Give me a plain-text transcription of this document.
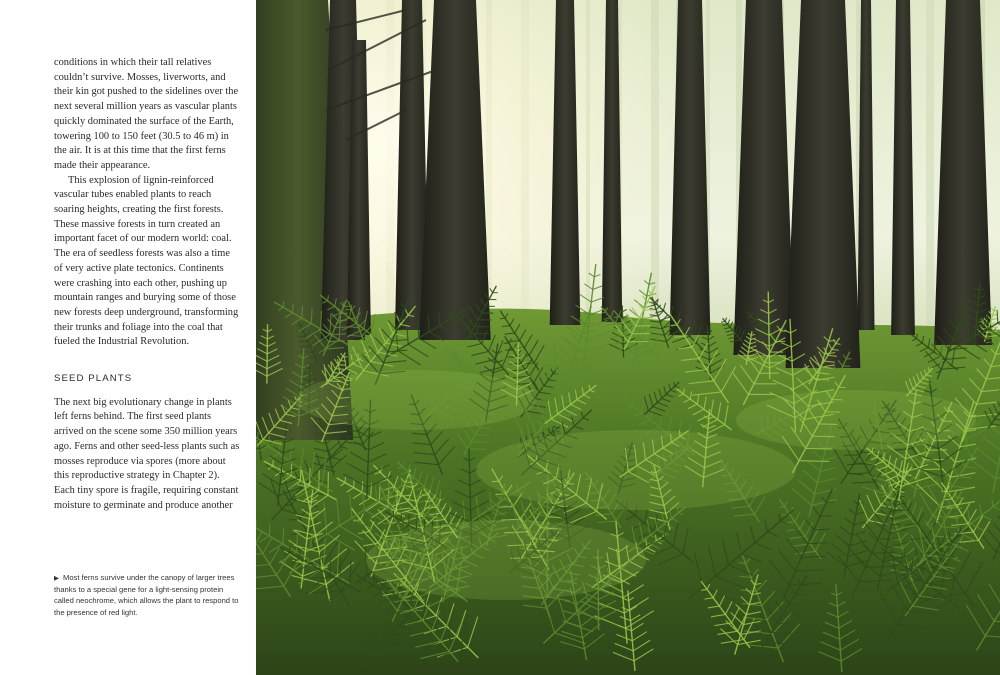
conditions in which their tall relatives couldn’t survive. Mosses, liverworts, and their kin got pushed to the sidelines over the next several million years as vascular plants quickly dominated the surface of the Earth, towering 100 to 150 feet (30.5 to 46 m) in the air. It is at this time that the first ferns made their appearance.

This explosion of lignin-reinforced vascular tubes enabled plants to reach soaring heights, creating the first forests. These massive forests in turn created an important facet of our modern world: coal. The era of seedless forests was also a time of very active plate tectonics. Continents were crashing into each other, pushing up mountain ranges and burying some of those new forests deep underground, transforming their trunks and foliage into the coal that fueled the Industrial Revolution.

SEED PLANTS

The next big evolutionary change in plants left ferns behind. The first seed plants arrived on the scene some 350 million years ago. Ferns and other seed-less plants such as mosses reproduce via spores (more about this reproductive strategy in Chapter 2). Each tiny spore is fragile, requiring constant moisture to germinate and produce another

▶ Most ferns survive under the canopy of larger trees thanks to a special gene for a light-sensing protein called neochrome, which allows the plant to respond to the presence of red light.
